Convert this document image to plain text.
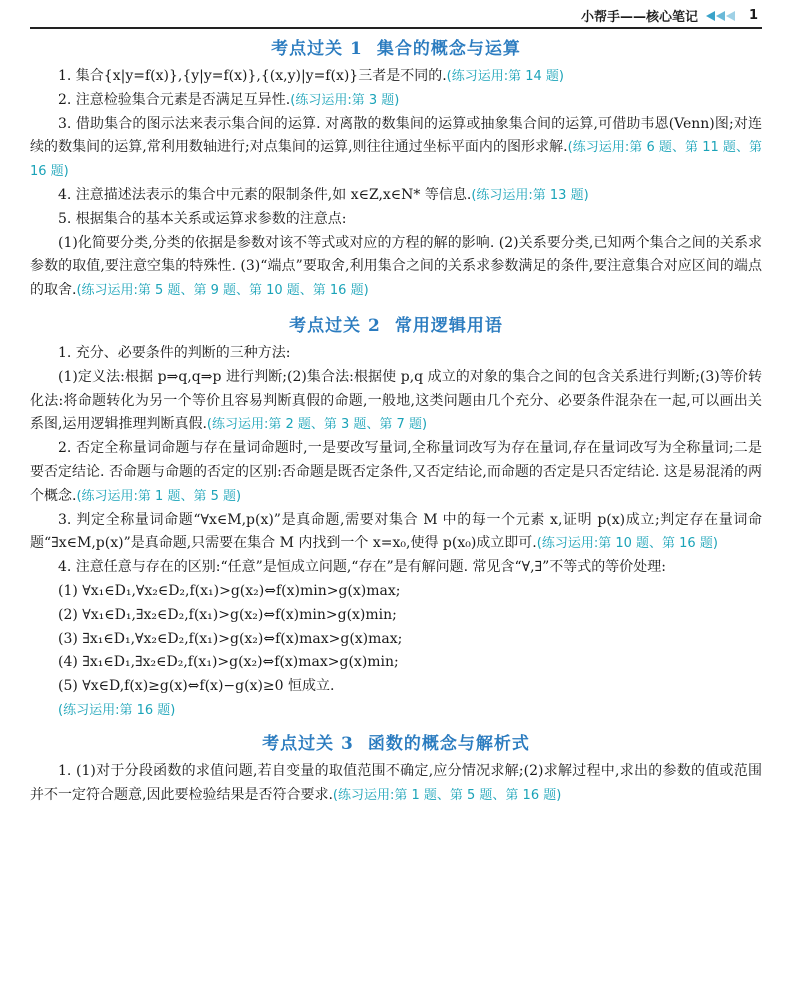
小帮手——核心笔记	1
考点过关 1 集合的概念与运算

1. 集合{x|y=f(x)},{y|y=f(x)},{(x,y)|y=f(x)}三者是不同的.(练习运用:第 14 题)

2. 注意检验集合元素是否满足互异性.(练习运用:第 3 题)

3. 借助集合的图示法来表示集合间的运算. 对离散的数集间的运算或抽象集合间的运算,可借助韦恩(Venn)图;对连续的数集间的运算,常利用数轴进行;对点集间的运算,则往往通过坐标平面内的图形求解.(练习运用:第 6 题、第 11 题、第 16 题)

4. 注意描述法表示的集合中元素的限制条件,如 x∈Z,x∈N* 等信息.(练习运用:第 13 题)

5. 根据集合的基本关系或运算求参数的注意点:

(1)化简要分类,分类的依据是参数对该不等式或对应的方程的解的影响. (2)关系要分类,已知两个集合之间的关系求参数的取值,要注意空集的特殊性. (3)“端点”要取舍,利用集合之间的关系求参数满足的条件,要注意集合对应区间的端点的取舍.(练习运用:第 5 题、第 9 题、第 10 题、第 16 题)

考点过关 2 常用逻辑用语

1. 充分、必要条件的判断的三种方法:

(1)定义法:根据 p⇒q,q⇒p 进行判断;(2)集合法:根据使 p,q 成立的对象的集合之间的包含关系进行判断;(3)等价转化法:将命题转化为另一个等价且容易判断真假的命题,一般地,这类问题由几个充分、必要条件混杂在一起,可以画出关系图,运用逻辑推理判断真假.(练习运用:第 2 题、第 3 题、第 7 题)

2. 否定全称量词命题与存在量词命题时,一是要改写量词,全称量词改写为存在量词,存在量词改写为全称量词;二是要否定结论. 否命题与命题的否定的区别:否命题是既否定条件,又否定结论,而命题的否定是只否定结论. 这是易混淆的两个概念.(练习运用:第 1 题、第 5 题)

3. 判定全称量词命题“∀x∈M,p(x)”是真命题,需要对集合 M 中的每一个元素 x,证明 p(x)成立;判定存在量词命题“∃x∈M,p(x)”是真命题,只需要在集合 M 内找到一个 x=x₀,使得 p(x₀)成立即可.(练习运用:第 10 题、第 16 题)

4. 注意任意与存在的区别:“任意”是恒成立问题,“存在”是有解问题. 常见含“∀,∃”不等式的等价处理:

(1) ∀x₁∈D₁,∀x₂∈D₂,f(x₁)>g(x₂)⇔f(x)min>g(x)max;

(2) ∀x₁∈D₁,∃x₂∈D₂,f(x₁)>g(x₂)⇔f(x)min>g(x)min;

(3) ∃x₁∈D₁,∀x₂∈D₂,f(x₁)>g(x₂)⇔f(x)max>g(x)max;

(4) ∃x₁∈D₁,∃x₂∈D₂,f(x₁)>g(x₂)⇔f(x)max>g(x)min;

(5) ∀x∈D,f(x)≥g(x)⇔f(x)−g(x)≥0 恒成立.

(练习运用:第 16 题)

考点过关 3 函数的概念与解析式

1. (1)对于分段函数的求值问题,若自变量的取值范围不确定,应分情况求解;(2)求解过程中,求出的参数的值或范围并不一定符合题意,因此要检验结果是否符合要求.(练习运用:第 1 题、第 5 题、第 16 题)
